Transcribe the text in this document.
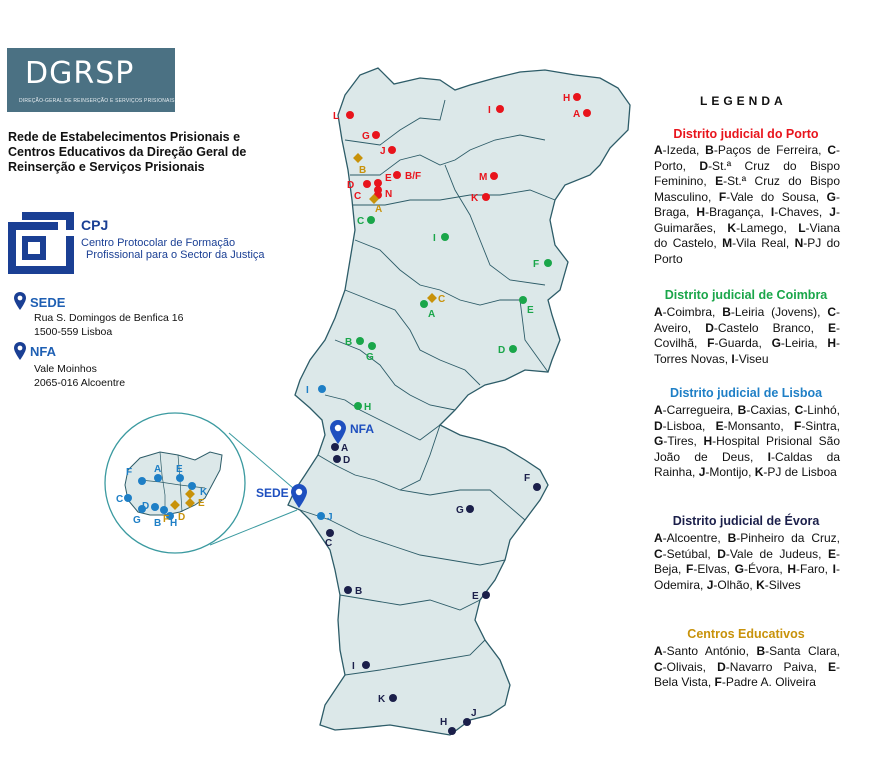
DGRSP
DIREÇÃO-GERAL DE REINSERÇÃO E SERVIÇOS PRISIONAIS
Rede de Estabelecimentos Prisionais e Centros Educativos da Direção Geral de Reinserção e Serviços Prisionais
CPJ
Centro Protocolar de Formação
Profissional para o Sector da Justiça
SEDE
Rua S. Domingos de Benfica 16
1500-559 Lisboa
NFA
Vale Moinhos
2065-016 Alcoentre
A
B/F
C
D
E
G
H
I
J
K
L
M
N
A
B
C
D
E
F
G
H
I
A
B
C
D
E
F
G	H
I
J
K
A
B
C
D
E
F
G
H
I
J
K
A
B
C
D
E
F
NFA
SEDE
LEGENDA
Distrito judicial do Porto
A-Izeda, B-Paços de Ferreira, C-Porto, D-St.ª Cruz do Bispo Feminino, E-St.ª Cruz do Bispo Masculino, F-Vale do Sousa, G-Braga, H-Bragança, I-Chaves, J-Guimarães, K-Lamego, L-Viana do Castelo, M-Vila Real, N-PJ do Porto
Distrito judicial de Coimbra
A-Coimbra, B-Leiria (Jovens), C-Aveiro, D-Castelo Branco, E-Covilhã, F-Guarda, G-Leiria, H-Torres Novas, I-Viseu
Distrito judicial de Lisboa
A-Carregueira, B-Caxias, C-Linhó, D-Lisboa, E-Monsanto, F-Sintra, G-Tires, H-Hospital Prisional São João de Deus, I-Caldas da Rainha, J-Montijo, K-PJ de Lisboa
Distrito judicial de Évora
A-Alcoentre, B-Pinheiro da Cruz, C-Setúbal, D-Vale de Judeus, E-Beja, F-Elvas, G-Évora, H-Faro, I-Odemira, J-Olhão, K-Silves
Centros Educativos
A-Santo António, B-Santa Clara, C-Olivais, D-Navarro Paiva, E- Bela Vista, F-Padre A. Oliveira
